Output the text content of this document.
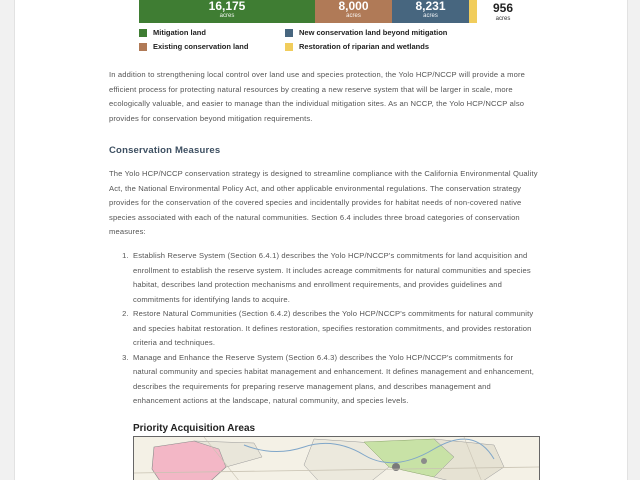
16,175
acres
8,000
acres
8,231
acres
956
acres
Mitigation land
Existing conservation land
New conservation land beyond mitigation
Restoration of riparian and wetlands
In addition to strengthening local control over land use and species protection, the Yolo HCP/NCCP will provide a more efficient process for protecting natural resources by creating a new reserve system that will be larger in scale, more ecologically valuable, and easier to manage than the individual mitigation sites. As an NCCP, the Yolo HCP/NCCP also provides for conservation beyond mitigation requirements.
Conservation Measures
The Yolo HCP/NCCP conservation strategy is designed to streamline compliance with the California Environmental Quality Act, the National Environmental Policy Act, and other applicable environmental regulations. The conservation strategy provides for the conservation of the covered species and incidentally provides for habitat needs of non-covered native species associated with each of the natural communities. Section 6.4 includes three broad categories of conservation measures:
1. Establish Reserve System (Section 6.4.1) describes the Yolo HCP/NCCP's commitments for land acquisition and enrollment to establish the reserve system. It includes acreage commitments for natural communities and species habitat, describes land protection mechanisms and enrollment requirements, and provides guidelines and commitments for identifying lands to acquire.
2. Restore Natural Communities (Section 6.4.2) describes the Yolo HCP/NCCP's commitments for natural community and species habitat restoration. It defines restoration, specifies restoration commitments, and provides restoration criteria and techniques.
3. Manage and Enhance the Reserve System (Section 6.4.3) describes the Yolo HCP/NCCP's commitments for natural community and species habitat management and enhancement. It defines management and enhancement, describes the requirements for preparing reserve management plans, and describes management and enhancement actions at the landscape, natural community, and species levels.
Priority Acquisition Areas
